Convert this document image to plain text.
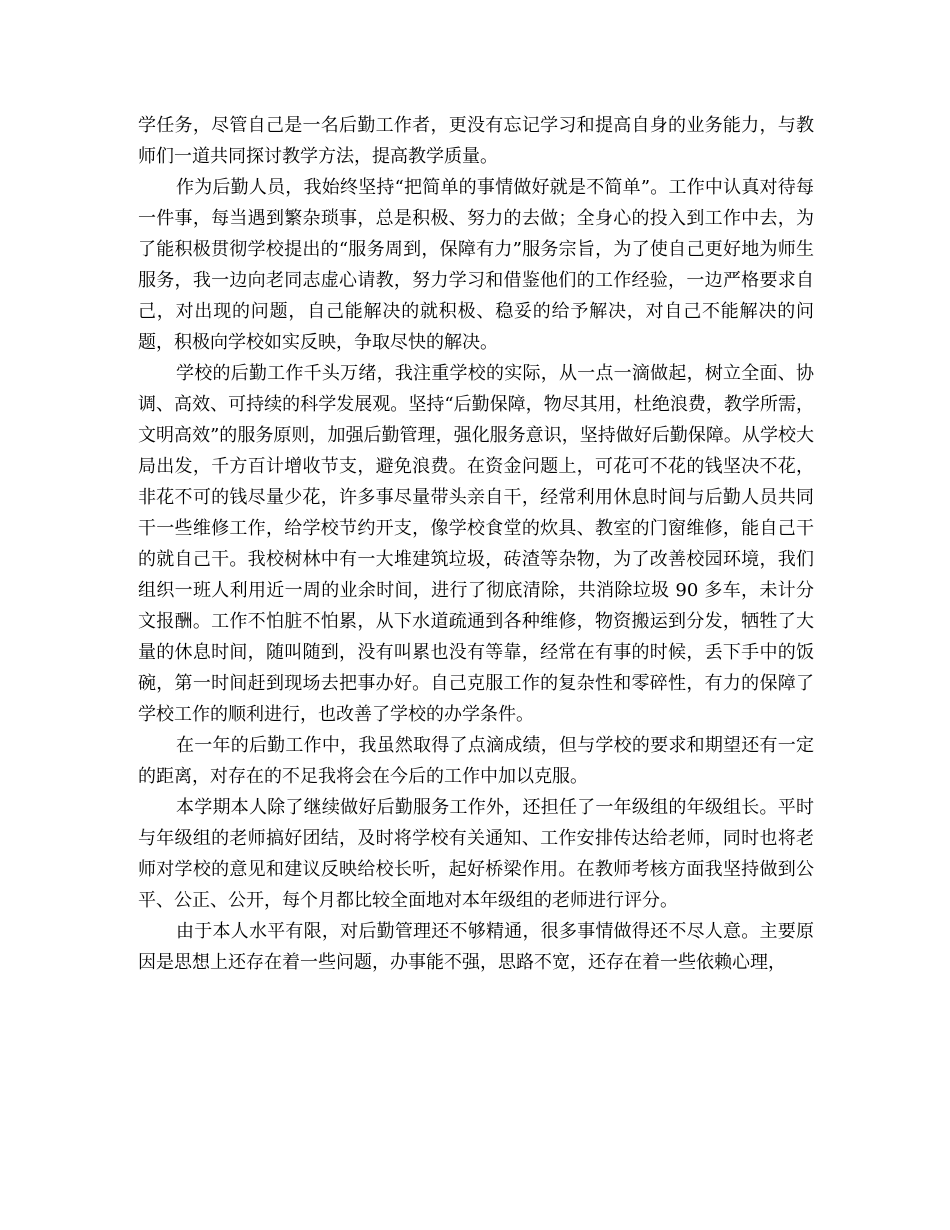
学任务，尽管自己是一名后勤工作者，更没有忘记学习和提高自身的业务能力，与教师们一道共同探讨教学方法，提高教学质量。

作为后勤人员，我始终坚持“把简单的事情做好就是不简单”。工作中认真对待每一件事，每当遇到繁杂琐事，总是积极、努力的去做；全身心的投入到工作中去，为了能积极贯彻学校提出的“服务周到，保障有力”服务宗旨，为了使自己更好地为师生服务，我一边向老同志虚心请教，努力学习和借鉴他们的工作经验，一边严格要求自己，对出现的问题，自己能解决的就积极、稳妥的给予解决，对自己不能解决的问题，积极向学校如实反映，争取尽快的解决。

学校的后勤工作千头万绪，我注重学校的实际，从一点一滴做起，树立全面、协调、高效、可持续的科学发展观。坚持“后勤保障，物尽其用，杜绝浪费，教学所需，文明高效”的服务原则，加强后勤管理，强化服务意识，坚持做好后勤保障。从学校大局出发，千方百计增收节支，避免浪费。在资金问题上，可花可不花的钱坚决不花，非花不可的钱尽量少花，许多事尽量带头亲自干，经常利用休息时间与后勤人员共同干一些维修工作，给学校节约开支，像学校食堂的炊具、教室的门窗维修，能自己干的就自己干。我校树林中有一大堆建筑垃圾，砖渣等杂物，为了改善校园环境，我们组织一班人利用近一周的业余时间，进行了彻底清除，共消除垃圾 90 多车，未计分文报酬。工作不怕脏不怕累，从下水道疏通到各种维修，物资搬运到分发，牺牲了大量的休息时间，随叫随到，没有叫累也没有等靠，经常在有事的时候，丢下手中的饭碗，第一时间赶到现场去把事办好。自己克服工作的复杂性和零碎性，有力的保障了学校工作的顺利进行，也改善了学校的办学条件。

在一年的后勤工作中，我虽然取得了点滴成绩，但与学校的要求和期望还有一定的距离，对存在的不足我将会在今后的工作中加以克服。

本学期本人除了继续做好后勤服务工作外，还担任了一年级组的年级组长。平时与年级组的老师搞好团结，及时将学校有关通知、工作安排传达给老师，同时也将老师对学校的意见和建议反映给校长听，起好桥梁作用。在教师考核方面我坚持做到公平、公正、公开，每个月都比较全面地对本年级组的老师进行评分。

由于本人水平有限，对后勤管理还不够精通，很多事情做得还不尽人意。主要原因是思想上还存在着一些问题，办事能不强，思路不宽，还存在着一些依赖心理，
